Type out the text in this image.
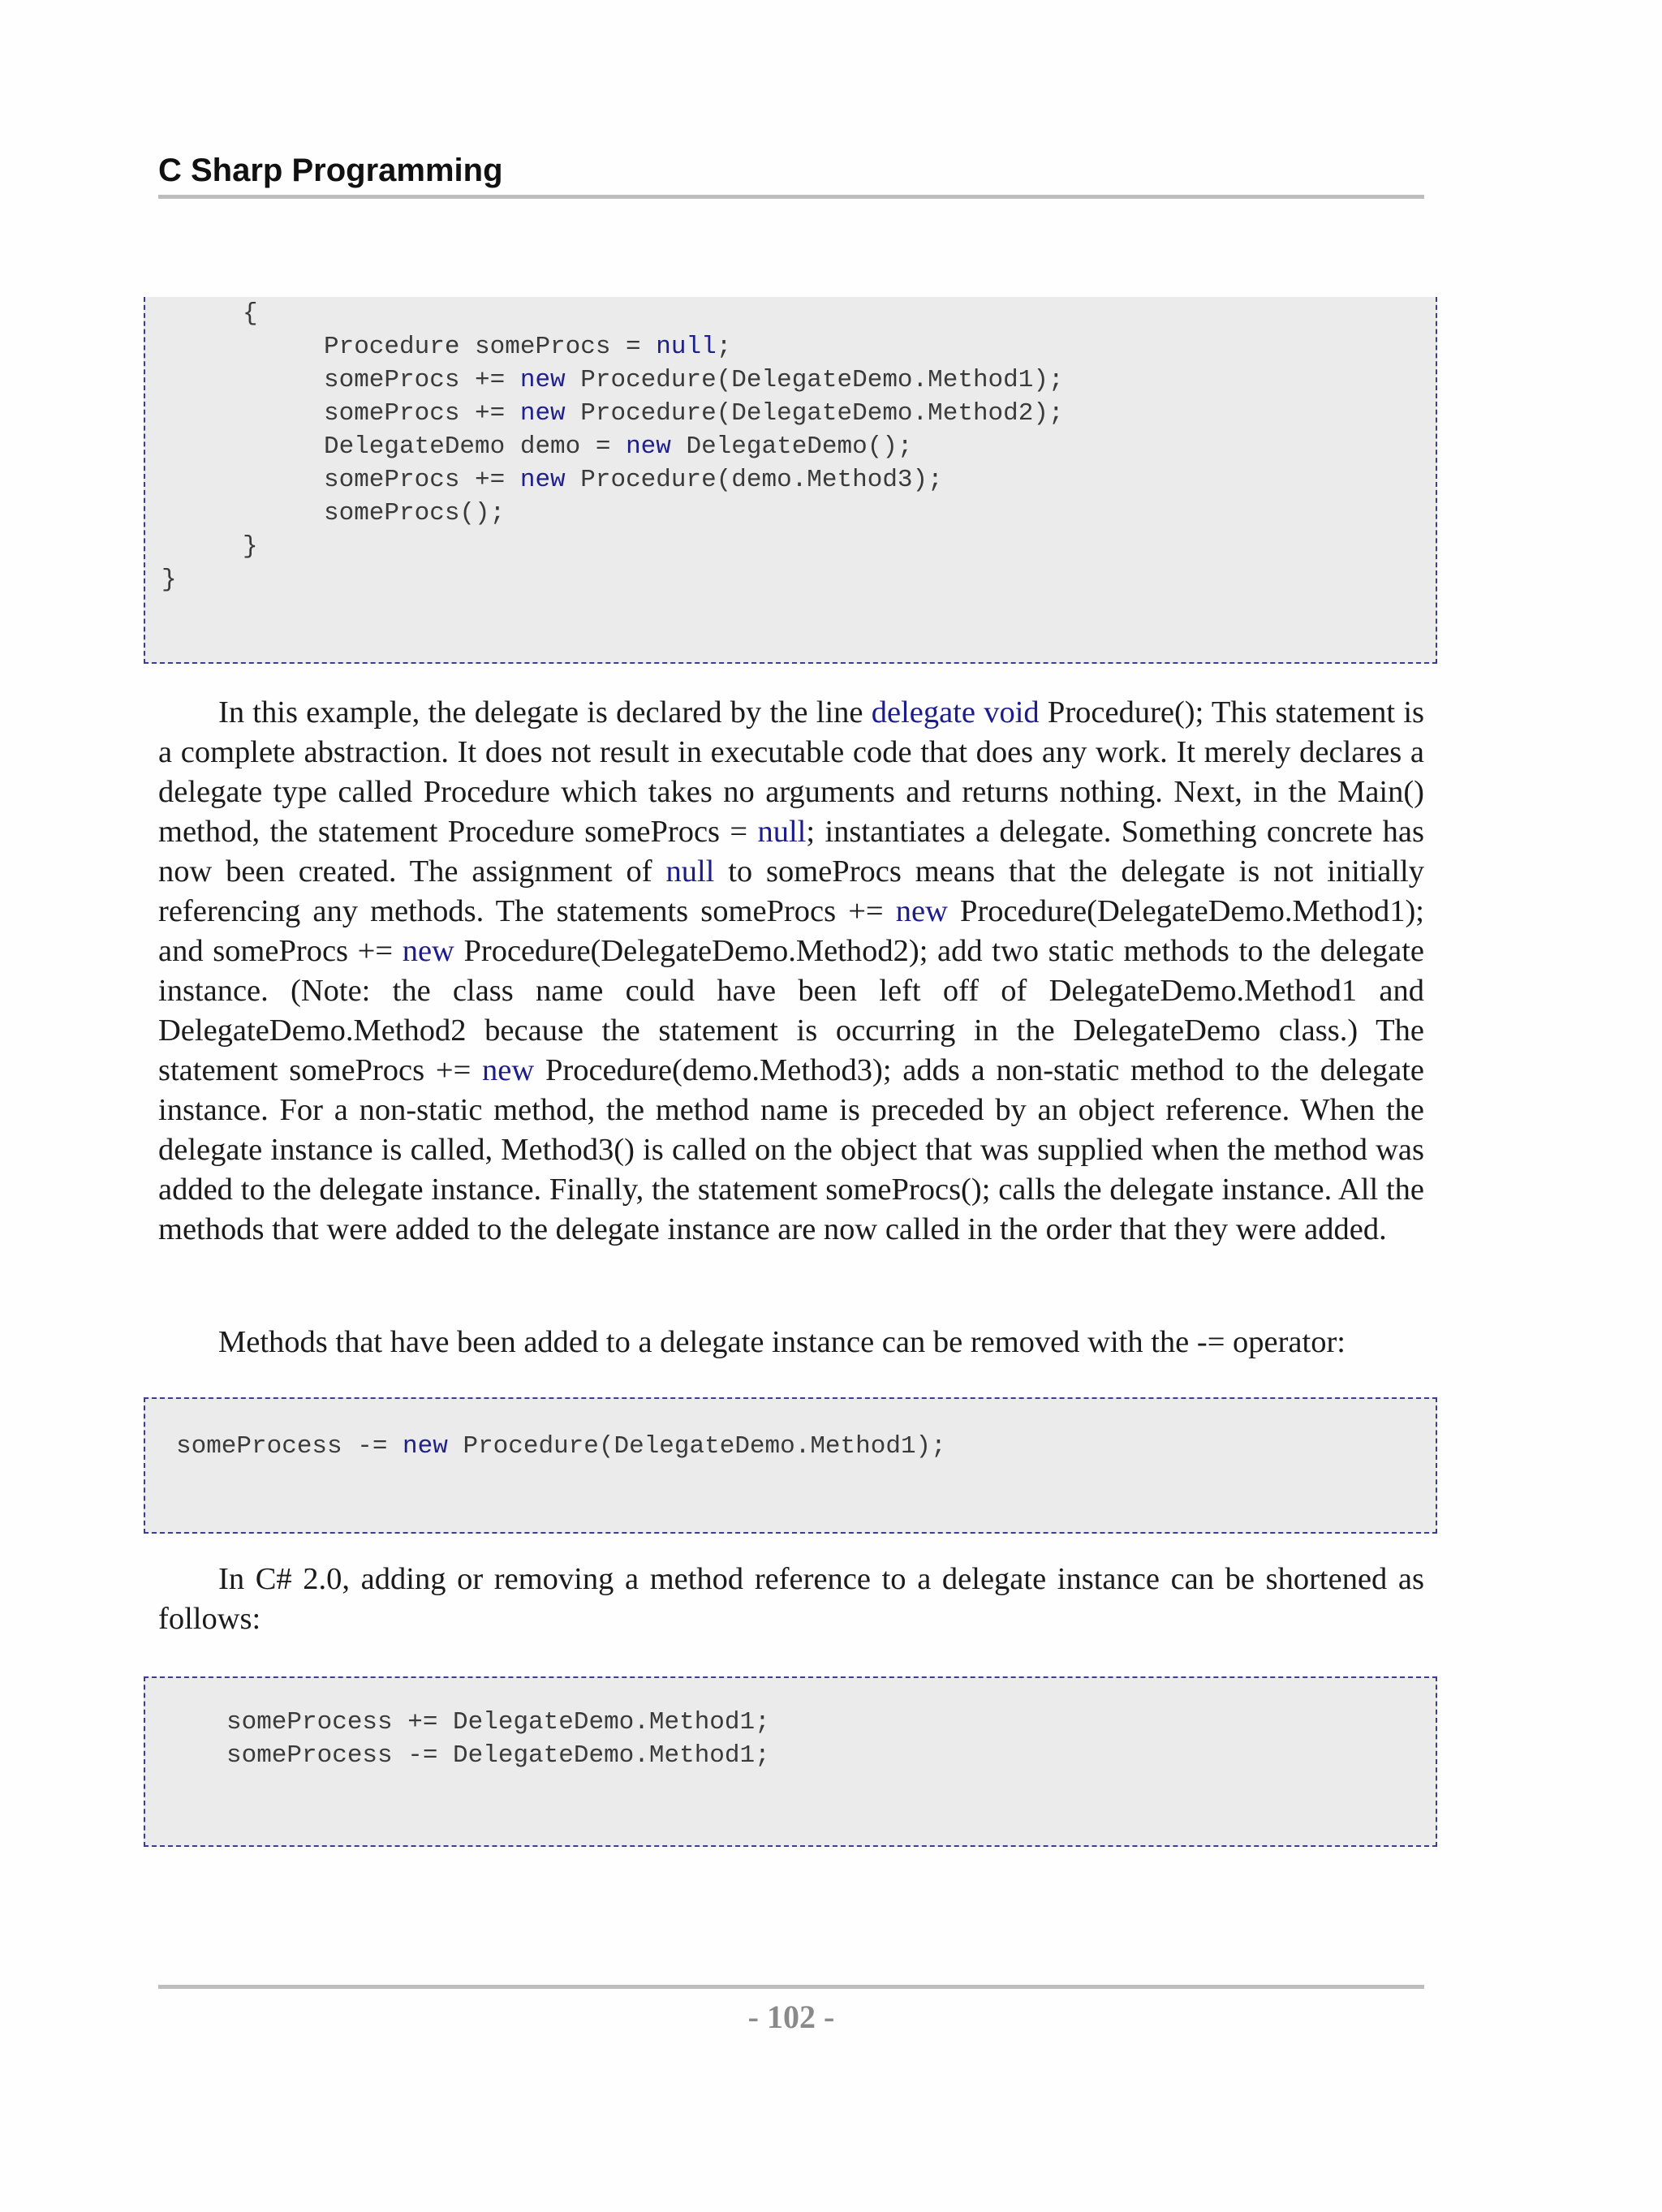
C Sharp Programming
{
Procedure someProcs = null;
someProcs += new Procedure(DelegateDemo.Method1);
someProcs += new Procedure(DelegateDemo.Method2);
DelegateDemo demo = new DelegateDemo();
someProcs += new Procedure(demo.Method3);
someProcs();
}
}
In this example, the delegate is declared by the line delegate void Procedure(); This statement is a complete abstraction. It does not result in executable code that does any work. It merely declares a delegate type called Procedure which takes no arguments and returns nothing. Next, in the Main() method, the statement Procedure someProcs = null; instantiates a delegate. Something concrete has now been created. The assignment of null to someProcs means that the delegate is not initially referencing any methods. The statements someProcs += new Procedure(DelegateDemo.Method1); and someProcs += new Procedure(DelegateDemo.Method2); add two static methods to the delegate instance. (Note: the class name could have been left off of DelegateDemo.Method1 and DelegateDemo.Method2 because the statement is occurring in the DelegateDemo class.) The statement someProcs += new Procedure(demo.Method3); adds a non-static method to the delegate instance. For a non-static method, the method name is preceded by an object reference. When the delegate instance is called, Method3() is called on the object that was supplied when the method was added to the delegate instance. Finally, the statement someProcs(); calls the delegate instance. All the methods that were added to the delegate instance are now called in the order that they were added.
Methods that have been added to a delegate instance can be removed with the -= operator:
someProcess -= new Procedure(DelegateDemo.Method1);
In C# 2.0, adding or removing a method reference to a delegate instance can be shortened as follows:
someProcess += DelegateDemo.Method1;
someProcess -= DelegateDemo.Method1;
- 102 -
